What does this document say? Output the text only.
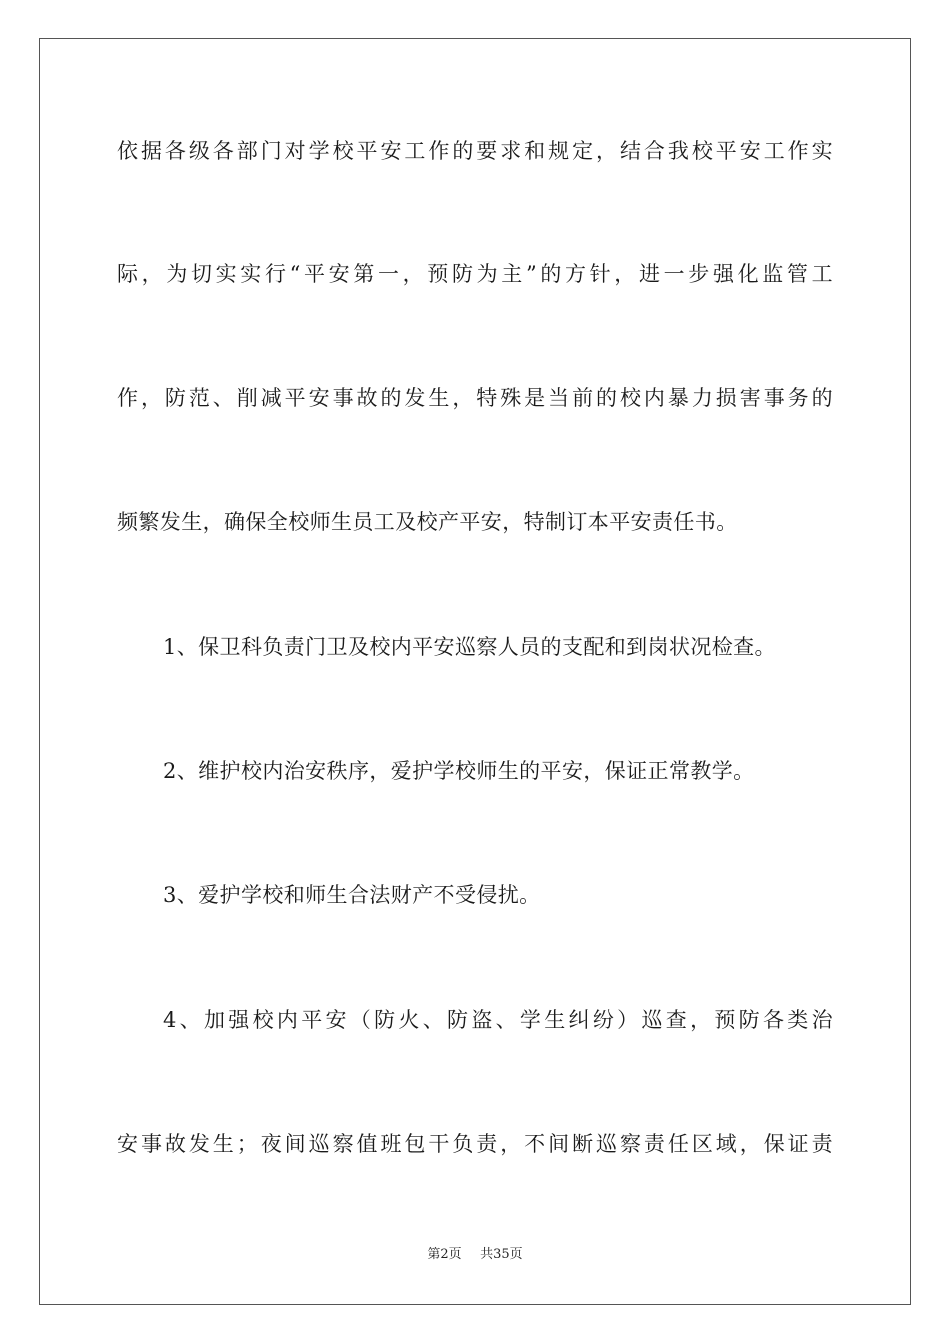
依据各级各部门对学校平安工作的要求和规定，结合我校平安工作实
际，为切实实行“平安第一，预防为主”的方针，进一步强化监管工
作，防范、削减平安事故的发生，特殊是当前的校内暴力损害事务的
频繁发生，确保全校师生员工及校产平安，特制订本平安责任书。
1、保卫科负责门卫及校内平安巡察人员的支配和到岗状况检查。
2、维护校内治安秩序，爱护学校师生的平安，保证正常教学。
3、爱护学校和师生合法财产不受侵扰。
4、加强校内平安（防火、防盗、学生纠纷）巡查，预防各类治
安事故发生；夜间巡察值班包干负责，不间断巡察责任区域，保证责
第2页 共35页
